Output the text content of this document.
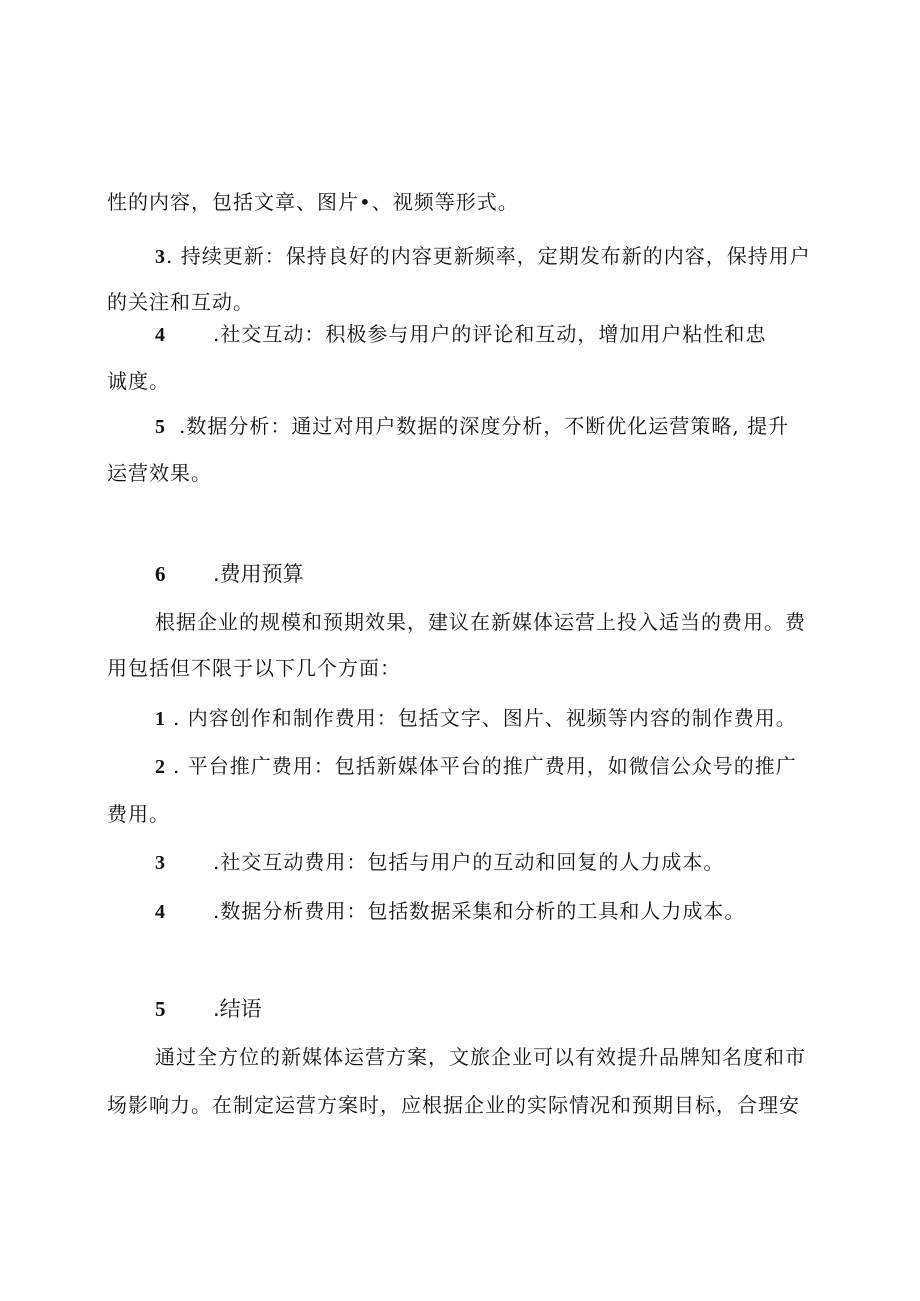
性的内容，包括文章、图片•、视频等形式。
3. 持续更新：保持良好的内容更新频率，定期发布新的内容，保持用户
的关注和互动。
4 .社交互动：积极参与用户的评论和互动，增加用户粘性和忠
诚度。
5 .数据分析：通过对用户数据的深度分析，不断优化运营策略, 提升
运营效果。
6 .费用预算
根据企业的规模和预期效果，建议在新媒体运营上投入适当的费用。费
用包括但不限于以下几个方面：
1 . 内容创作和制作费用：包括文字、图片、视频等内容的制作费用。
2 . 平台推广费用：包括新媒体平台的推广费用，如微信公众号的推广
费用。
3 .社交互动费用：包括与用户的互动和回复的人力成本。
4 .数据分析费用：包括数据采集和分析的工具和人力成本。
5 .结语
通过全方位的新媒体运营方案，文旅企业可以有效提升品牌知名度和市
场影响力。在制定运营方案时，应根据企业的实际情况和预期目标，合理安
